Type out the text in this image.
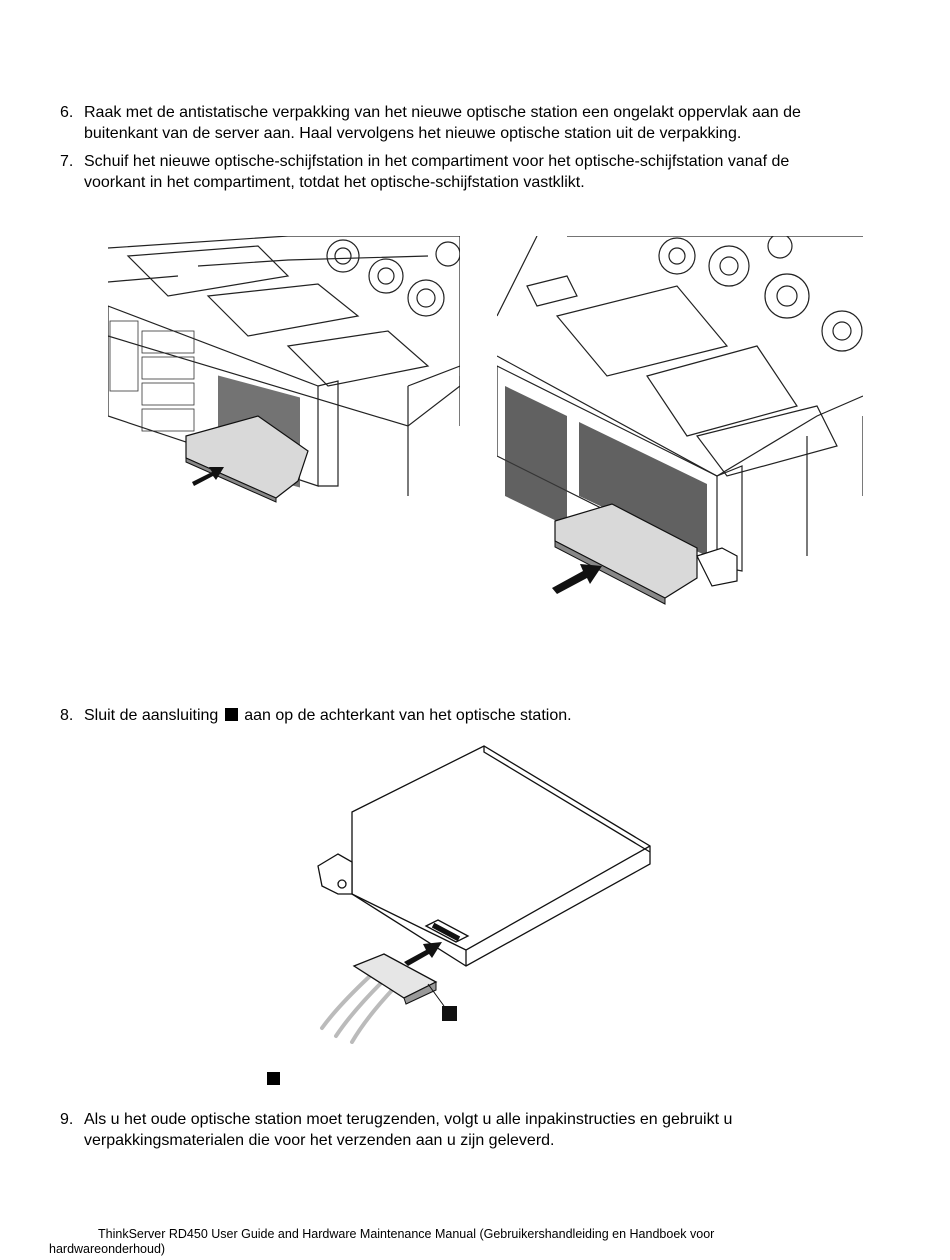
6. Raak met de antistatische verpakking van het nieuwe optische station een ongelakt oppervlak aan de
buitenkant van de server aan. Haal vervolgens het nieuwe optische station uit de verpakking.
7. Schuif het nieuwe optische-schijfstation in het compartiment voor het optische-schijfstation vanaf de
voorkant in het compartiment, totdat het optische-schijfstation vastklikt.
8. Sluit de aansluiting aan op de achterkant van het optische station.
9. Als u het oude optische station moet terugzenden, volgt u alle inpakinstructies en gebruikt u
verpakkingsmaterialen die voor het verzenden aan u zijn geleverd.
ThinkServer RD450 User Guide and Hardware Maintenance Manual (Gebruikershandleiding en Handboek voor
hardwareonderhoud)
